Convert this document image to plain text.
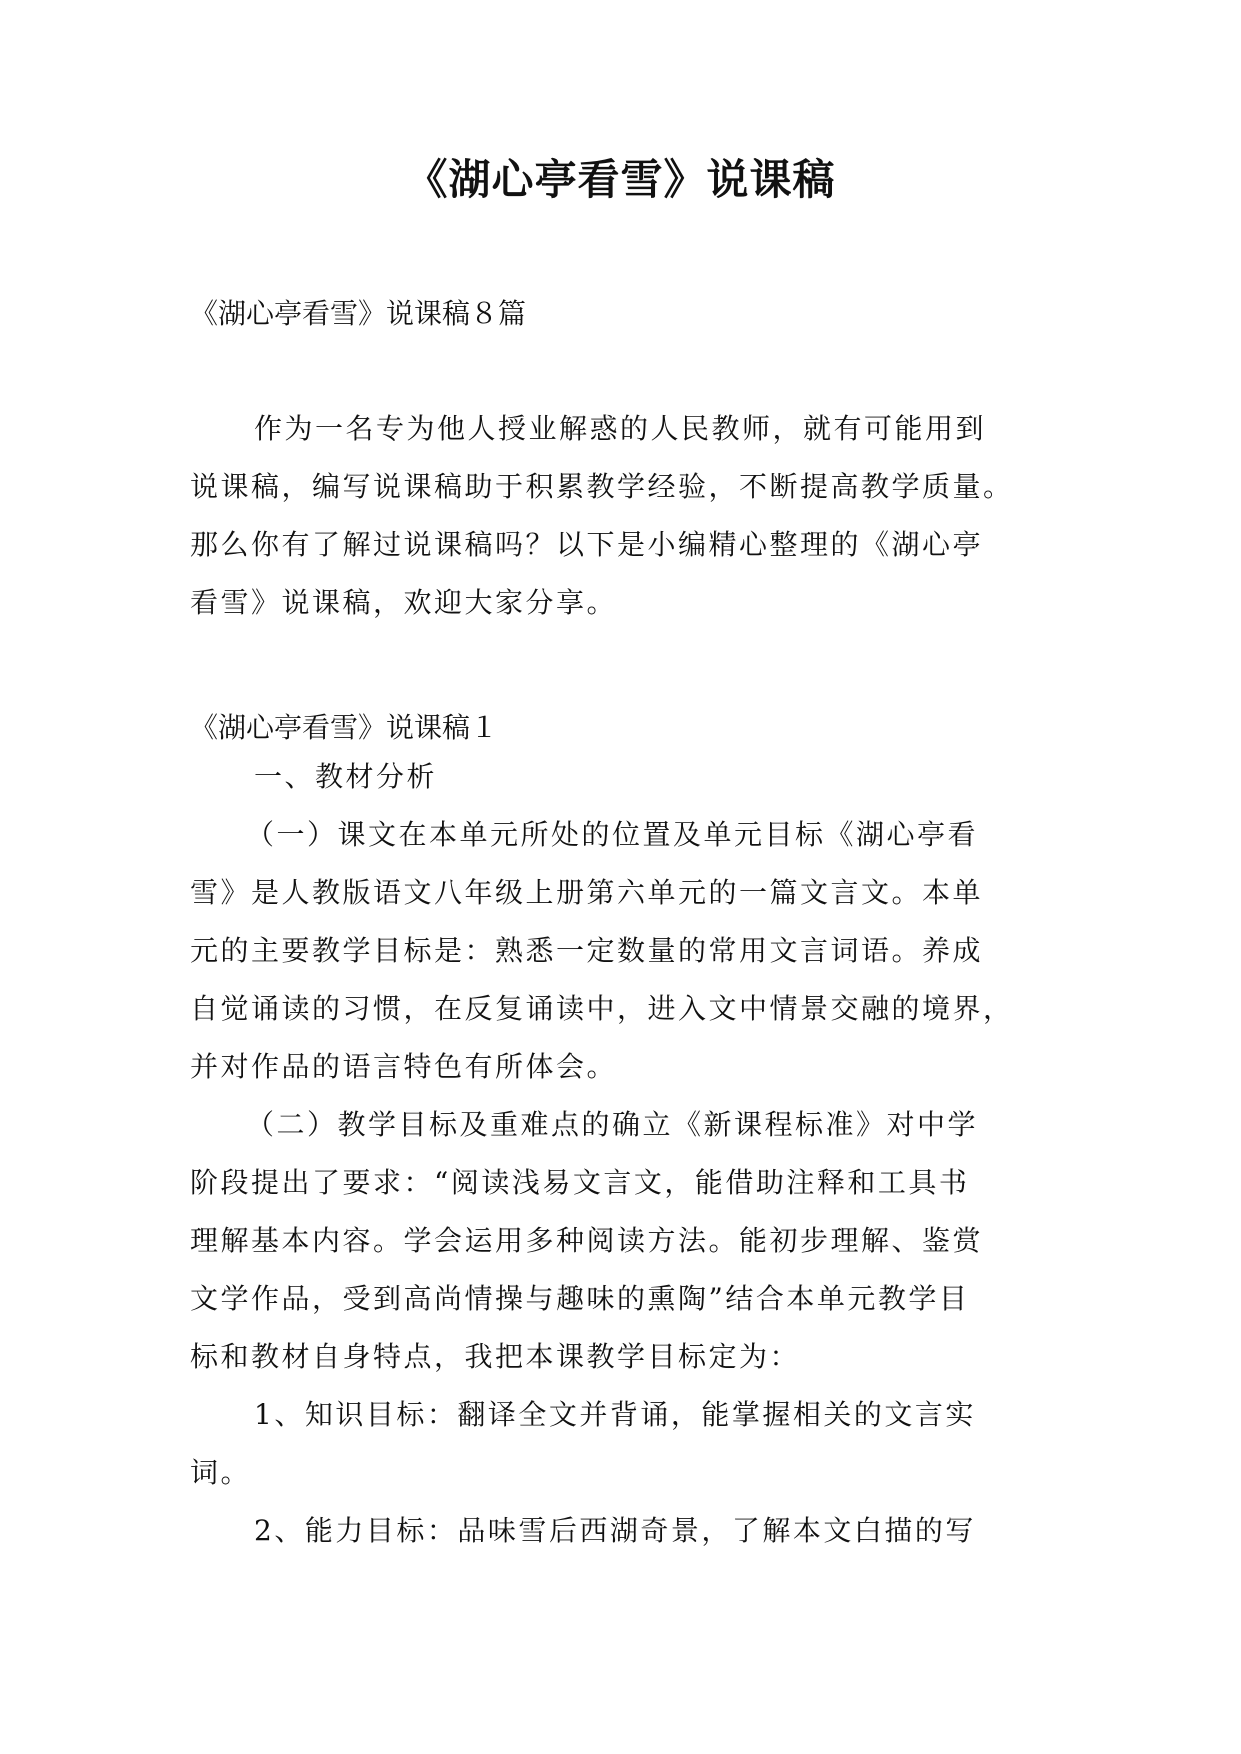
《湖心亭看雪》说课稿
《湖心亭看雪》说课稿８篇
作为一名专为他人授业解惑的人民教师，就有可能用到
说课稿，编写说课稿助于积累教学经验，不断提高教学质量。
那么你有了解过说课稿吗？以下是小编精心整理的《湖心亭
看雪》说课稿，欢迎大家分享。
《湖心亭看雪》说课稿１
一、教材分析
（一）课文在本单元所处的位置及单元目标《湖心亭看
雪》是人教版语文八年级上册第六单元的一篇文言文。本单
元的主要教学目标是：熟悉一定数量的常用文言词语。养成
自觉诵读的习惯，在反复诵读中，进入文中情景交融的境界，
并对作品的语言特色有所体会。
（二）教学目标及重难点的确立《新课程标准》对中学
阶段提出了要求：“阅读浅易文言文，能借助注释和工具书
理解基本内容。学会运用多种阅读方法。能初步理解、鉴赏
文学作品，受到高尚情操与趣味的熏陶”结合本单元教学目
标和教材自身特点，我把本课教学目标定为：
1、知识目标：翻译全文并背诵，能掌握相关的文言实
词。
2、能力目标：品味雪后西湖奇景，了解本文白描的写
